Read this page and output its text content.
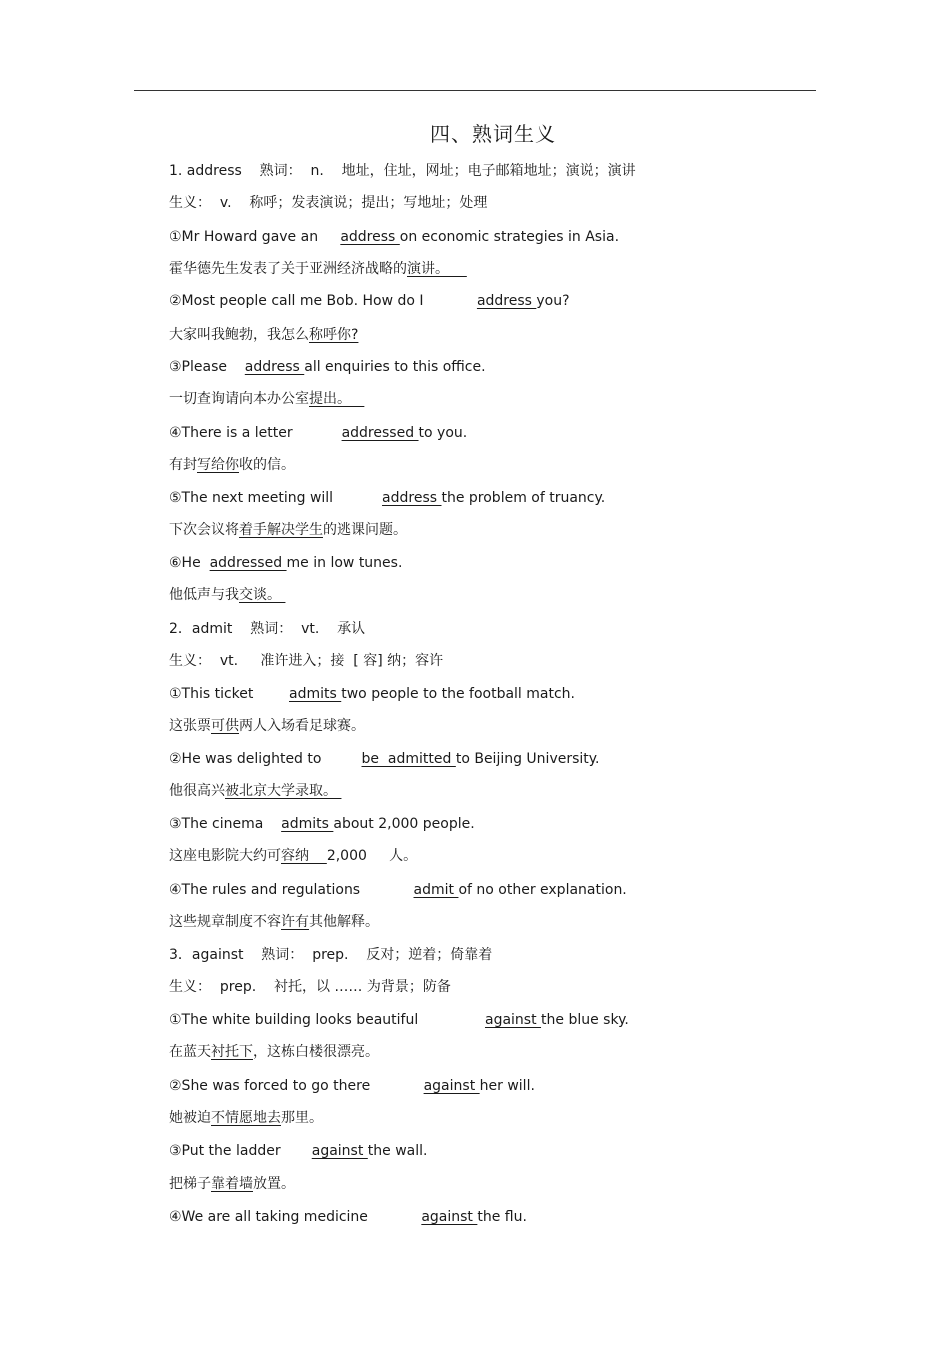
四、熟词生义
1. address    熟词：  n.    地址，住址，网址；电子邮箱地址；演说；演讲
生义：  v.    称呼；发表演说；提出；写地址；处理
①Mr Howard gave an     address on economic strategies in Asia.
霍华德先生发表了关于亚洲经济战略的演讲。
②Most people call me Bob. How do I            address you?
大家叫我鲍勃，我怎么称呼你?
③Please    address all enquiries to this office.
一切查询请向本办公室提出。
④There is a letter           addressed to you.
有封写给你收的信。
⑤The next meeting will           address the problem of truancy.
下次会议将着手解决学生的逃课问题。
⑥He  addressed me in low tunes.
他低声与我交谈。
2．admit    熟词：  vt.    承认
生义：  vt.     准许进入；接  [ 容] 纳；容许
①This ticket        admits two people to the football match.
这张票可供两人入场看足球赛。
②He was delighted to         be  admitted to Beijing University.
他很高兴被北京大学录取。
③The cinema    admits about 2,000 people.
这座电影院大约可容纳    2,000     人。
④The rules and regulations            admit of no other explanation.
这些规章制度不容许有其他解释。
3．against    熟词：  prep.    反对；逆着；倚靠着
生义：  prep.    衬托，以 …… 为背景；防备
①The white building looks beautiful               against the blue sky.
在蓝天衬托下，这栋白楼很漂亮。
②She was forced to go there            against her will.
她被迫不情愿地去那里。
③Put the ladder       against the wall.
把梯子靠着墙放置。
④We are all taking medicine            against the flu.
